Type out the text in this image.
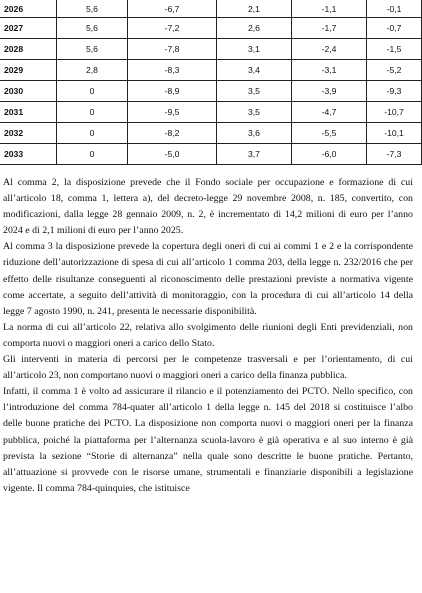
2026	5,6	-6,7	2,1	-1,1	-0,1
2027	5,6	-7,2	2,6	-1,7	-0,7
2028	5,6	-7,8	3,1	-2,4	-1,5
2029	2,8	-8,3	3,4	-3,1	-5,2
2030	0	-8,9	3,5	-3,9	-9,3
2031	0	-9,5	3,5	-4,7	-10,7
2032	0	-8,2	3,6	-5,5	-10,1
2033	0	-5,0	3,7	-6,0	-7,3

Al comma 2, la disposizione prevede che il Fondo sociale per occupazione e formazione di cui all’articolo 18, comma 1, lettera a), del decreto-legge 29 novembre 2008, n. 185, convertito, con modificazioni, dalla legge 28 gennaio 2009, n. 2, è incrementato di 14,2 milioni di euro per l’anno 2024 e di 2,1 milioni di euro per l’anno 2025.

Al comma 3 la disposizione prevede la copertura degli oneri di cui ai commi 1 e 2 e la corrispondente riduzione dell’autorizzazione di spesa di cui all’articolo 1 comma 203, della legge n. 232/2016 che per effetto delle risultanze conseguenti al riconoscimento delle prestazioni previste a normativa vigente come accertate, a seguito dell’attività di monitoraggio, con la procedura di cui all’articolo 14 della legge 7 agosto 1990, n. 241, presenta le necessarie disponibilità.

La norma di cui all’articolo 22, relativa allo svolgimento delle riunioni degli Enti previdenziali, non comporta nuovi o maggiori oneri a carico dello Stato.

Gli interventi in materia di percorsi per le competenze trasversali e per l’orientamento, di cui all’articolo 23, non comportano nuovi o maggiori oneri a carico della finanza pubblica.

Infatti, il comma 1 è volto ad assicurare il rilancio e il potenziamento dei PCTO. Nello specifico, con l’introduzione del comma 784-quater all’articolo 1 della legge n. 145 del 2018 si costituisce l’albo delle buone pratiche dei PCTO. La disposizione non comporta nuovi o maggiori oneri per la finanza pubblica, poiché la piattaforma per l’alternanza scuola-lavoro è già operativa e al suo interno è già prevista la sezione “Storie di alternanza” nella quale sono descritte le buone pratiche. Pertanto, all’attuazione si provvede con le risorse umane, strumentali e finanziarie disponibili a legislazione vigente. Il comma 784-quinquies, che istituisce
